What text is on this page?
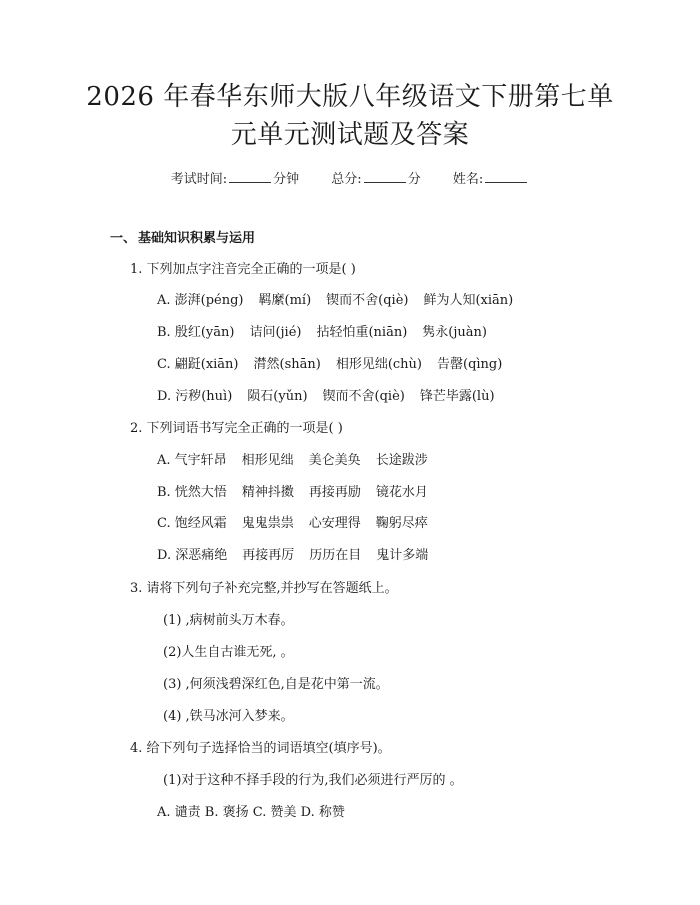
2026 年春华东师大版八年级语文下册第七单
元单元测试题及答案
考试时间:	分钟 总分:	分 姓名:
一、 基础知识积累与运用
1. 下列加点字注音完全正确的一项是( )
A. 澎湃(péng) 羁縻(mí) 锲而不舍(qiè) 鲜为人知(xiān)
B. 殷红(yān) 诘问(jié) 拈轻怕重(niān) 隽永(juàn)
C. 翩跹(xiān) 潸然(shān) 相形见绌(chù) 告罄(qìng)
D. 污秽(huì) 陨石(yǔn) 锲而不舍(qiè) 锋芒毕露(lù)
2. 下列词语书写完全正确的一项是( )
A. 气宇轩昂 相形见绌 美仑美奂 长途跋涉
B. 恍然大悟 精神抖擞 再接再励 镜花水月
C. 饱经风霜 鬼鬼祟祟 心安理得 鞠躬尽瘁
D. 深恶痛绝 再接再厉 历历在目 鬼计多端
3. 请将下列句子补充完整,并抄写在答题纸上。
(1) ,病树前头万木春。
(2)人生自古谁无死, 。
(3) ,何须浅碧深红色,自是花中第一流。
(4) ,铁马冰河入梦来。
4. 给下列句子选择恰当的词语填空(填序号)。
(1)对于这种不择手段的行为,我们必须进行严厉的 。
A. 谴责 B. 褒扬 C. 赞美 D. 称赞
